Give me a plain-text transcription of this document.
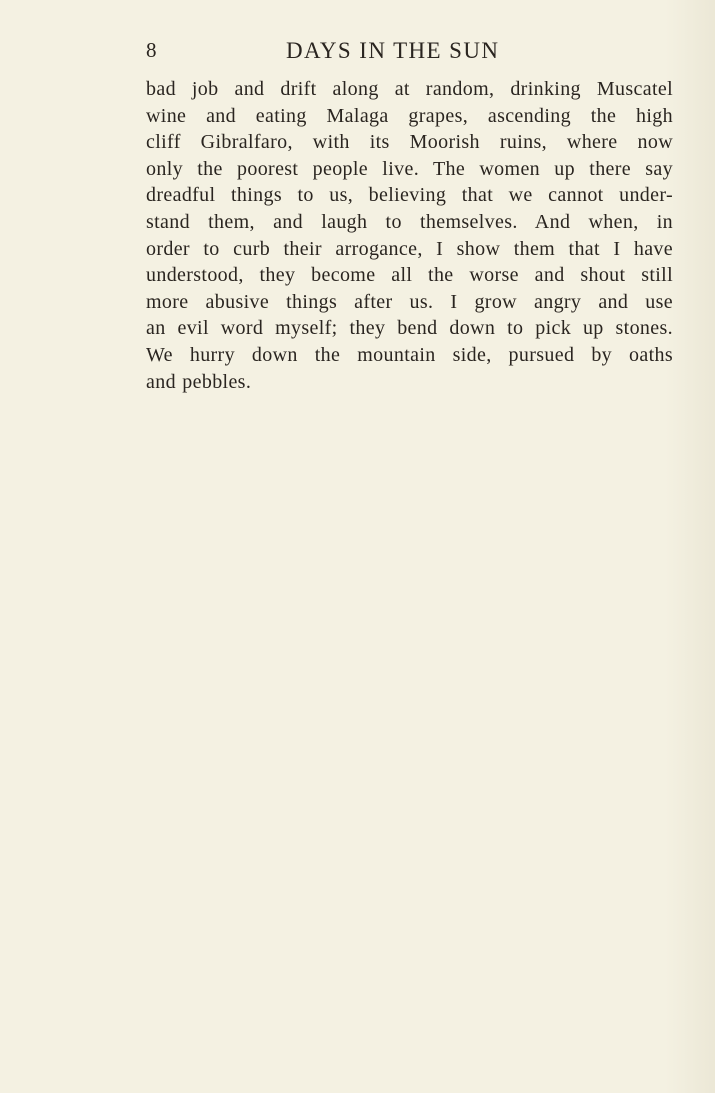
8	DAYS IN THE SUN
bad job and drift along at random, drinking Muscatel
wine and eating Malaga grapes, ascending the high
cliff Gibralfaro, with its Moorish ruins, where now
only the poorest people live. The women up there say
dreadful things to us, believing that we cannot under-
stand them, and laugh to themselves. And when, in
order to curb their arrogance, I show them that I have
understood, they become all the worse and shout still
more abusive things after us. I grow angry and use
an evil word myself; they bend down to pick up stones.
We hurry down the mountain side, pursued by oaths
and pebbles.
